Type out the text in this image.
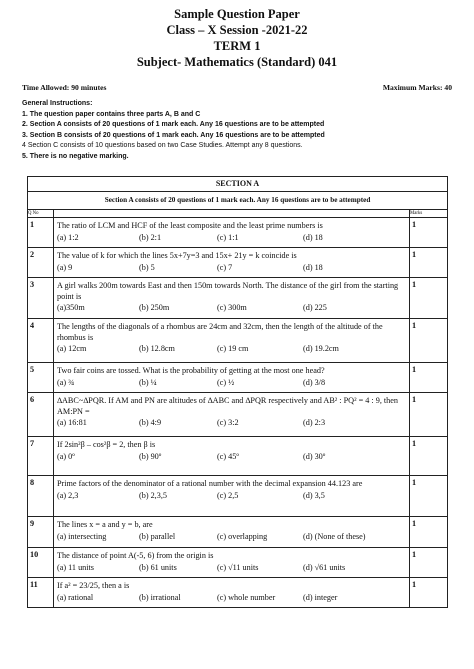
Sample Question Paper
Class – X Session -2021-22
TERM 1
Subject- Mathematics (Standard) 041
Time Allowed: 90 minutes	Maximum Marks: 40
General Instructions:
1. The question paper contains three parts A, B and C
2. Section A consists of 20 questions of 1 mark each. Any 16 questions are to be attempted
3. Section B consists of 20 questions of 1 mark each. Any 16 questions are to be attempted
4 Section C consists of 10 questions based on two Case Studies. Attempt any 8 questions.
5. There is no negative marking.
SECTION A		
Section A consists of 20 questions of 1 mark each. Any 16 questions are to be attempted		
Q No		Marks
1	The ratio of LCM and HCF of the least composite and the least prime numbers is
(a) 1:2 (b) 2:1 (c) 1:1 (d) 18	1
2	The value of k for which the lines 5x+7y=3 and 15x+ 21y = k coincide is
(a) 9 (b) 5 (c) 7 (d) 18	1
3	A girl walks 200m towards East and then 150m towards North. The distance of the girl from the starting point is
(a)350m (b) 250m (c) 300m (d) 225	1
4	The lengths of the diagonals of a rhombus are 24cm and 32cm, then the length of the altitude of the rhombus is
(a) 12cm (b) 12.8cm (c) 19 cm (d) 19.2cm	1
5	Two fair coins are tossed. What is the probability of getting at the most one head?
(a) ¾ (b) ¼ (c) ½ (d) 3/8	1
6	∆ABC~∆PQR. If AM and PN are altitudes of ∆ABC and ∆PQR respectively and AB² : PQ² = 4 : 9, then AM:PN =
(a) 16:81 (b) 4:9 (c) 3:2 (d) 2:3	1
7	If 2sin²β – cos²β = 2, then β is
(a) 0º (b) 90º (c) 45º (d) 30º	1
8	Prime factors of the denominator of a rational number with the decimal expansion 44.123 are
(a) 2,3 (b) 2,3,5 (c) 2,5 (d) 3,5	1
9	The lines x = a and y = b, are
(a) intersecting (b) parallel (c) overlapping (d) (None of these)	1
10	The distance of point A(-5, 6) from the origin is
(a) 11 units (b) 61 units (c) √11 units (d) √61 units	1
11	If a² = 23/25, then a is
(a) rational (b) irrational (c) whole number (d) integer	1
